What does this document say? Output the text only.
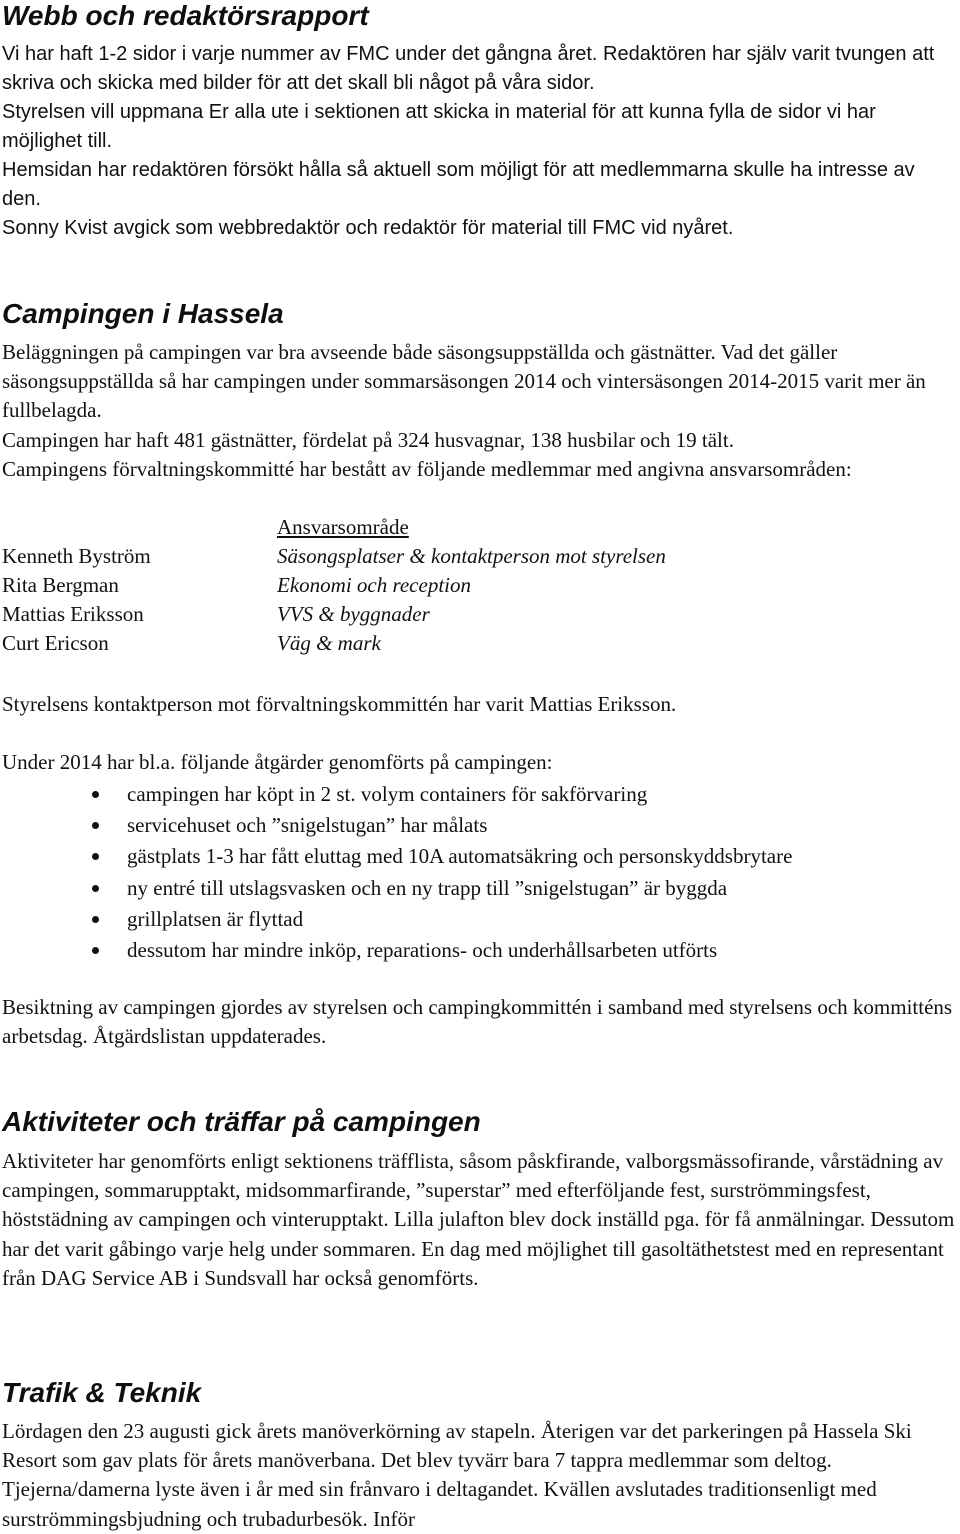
Webb och redaktörsrapport

Vi har haft 1-2 sidor i varje nummer av FMC under det gångna året. Redaktören har själv varit tvungen att skriva och skicka med bilder för att det skall bli något på våra sidor.

Styrelsen vill uppmana Er alla ute i sektionen att skicka in material för att kunna fylla de sidor vi har möjlighet till.

Hemsidan har redaktören försökt hålla så aktuell som möjligt för att medlemmarna skulle ha intresse av den.

Sonny Kvist avgick som webbredaktör och redaktör för material till FMC vid nyåret.

Campingen i Hassela

Beläggningen på campingen var bra avseende både säsongsuppställda och gästnätter. Vad det gäller säsongsuppställda så har campingen under sommarsäsongen 2014 och vintersäsongen 2014-2015 varit mer än fullbelagda.

Campingen har haft 481 gästnätter, fördelat på 324 husvagnar, 138 husbilar och 19 tält.

Campingens förvaltningskommitté har bestått av följande medlemmar med angivna ansvarsområden:

Ansvarsområde
Kenneth Byström	Säsongsplatser & kontaktperson mot styrelsen
Rita Bergman	Ekonomi och reception
Mattias Eriksson	VVS & byggnader
Curt Ericson	Väg & mark

Styrelsens kontaktperson mot förvaltningskommittén har varit Mattias Eriksson.

Under 2014 har bl.a. följande åtgärder genomförts på campingen:

campingen har köpt in 2 st. volym containers för sakförvaring
servicehuset och ”snigelstugan” har målats
gästplats 1-3 har fått eluttag med 10A automatsäkring och personskyddsbrytare
ny entré till utslagsvasken och en ny trapp till ”snigelstugan” är byggda
grillplatsen är flyttad
dessutom har mindre inköp, reparations- och underhållsarbeten utförts

Besiktning av campingen gjordes av styrelsen och campingkommittén i samband med styrelsens och kommitténs arbetsdag. Åtgärdslistan uppdaterades.

Aktiviteter och träffar på campingen

Aktiviteter har genomförts enligt sektionens träfflista, såsom påskfirande, valborgsmässofirande, vårstädning av campingen, sommarupptakt, midsommarfirande, ”superstar” med efterföljande fest, surströmmingsfest, höststädning av campingen och vinterupptakt. Lilla julafton blev dock inställd pga. för få anmälningar. Dessutom har det varit gåbingo varje helg under sommaren. En dag med möjlighet till gasoltäthetstest med en representant från DAG Service AB i Sundsvall har också genomförts.

Trafik & Teknik

Lördagen den 23 augusti gick årets manöverkörning av stapeln. Återigen var det parkeringen på Hassela Ski Resort som gav plats för årets manöverbana. Det blev tyvärr bara 7 tappra medlemmar som deltog. Tjejerna/damerna lyste även i år med sin frånvaro i deltagandet. Kvällen avslutades traditionsenligt med surströmmingsbjudning och trubadurbesök. Inför
